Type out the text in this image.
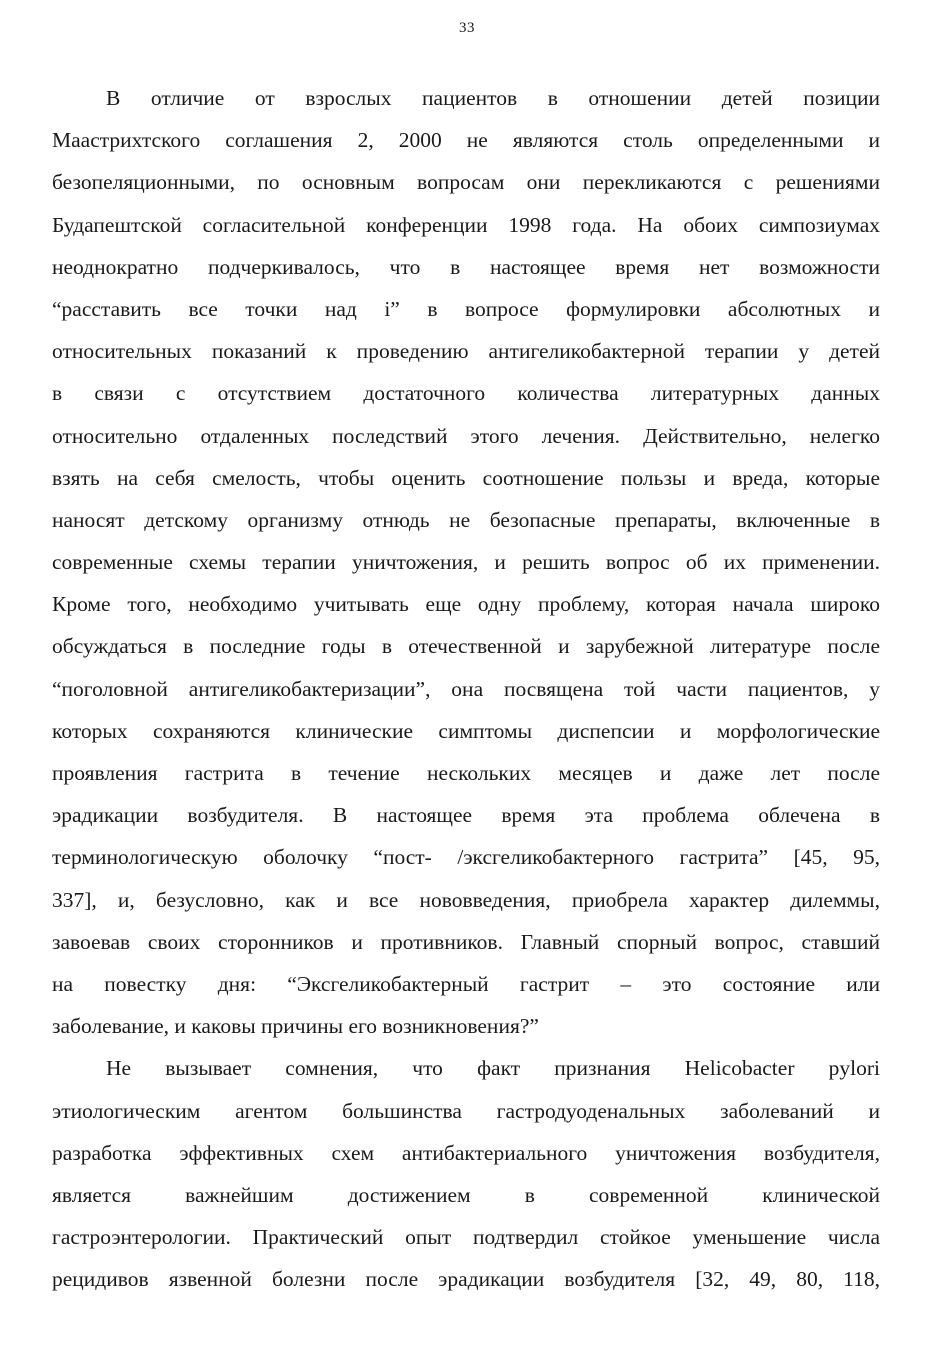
33
В отличие от взрослых пациентов в отношении детей позиции
Маастрихтского соглашения 2, 2000 не являются столь определенными и
безопеляционными, по основным вопросам они перекликаются с решениями
Будапештской согласительной конференции 1998 года. На обоих симпозиумах
неоднократно подчеркивалось, что в настоящее время нет возможности
“расставить все точки над i” в вопросе формулировки абсолютных и
относительных показаний к проведению антигеликобактерной терапии у детей
в связи с отсутствием достаточного количества литературных данных
относительно отдаленных последствий этого лечения. Действительно, нелегко
взять на себя смелость, чтобы оценить соотношение пользы и вреда, которые
наносят детскому организму отнюдь не безопасные препараты, включенные в
современные схемы терапии уничтожения, и решить вопрос об их применении.
Кроме того, необходимо учитывать еще одну проблему, которая начала широко
обсуждаться в последние годы в отечественной и зарубежной литературе после
“поголовной антигеликобактеризации”, она посвящена той части пациентов, у
которых сохраняются клинические симптомы диспепсии и морфологические
проявления гастрита в течение нескольких месяцев и даже лет после
эрадикации возбудителя. В настоящее время эта проблема облечена в
терминологическую оболочку “пост- /эксгеликобактерного гастрита” [45, 95,
337], и, безусловно, как и все нововведения, приобрела характер дилеммы,
завоевав своих сторонников и противников. Главный спорный вопрос, ставший
на повестку дня: “Эксгеликобактерный гастрит – это состояние или
заболевание, и каковы причины его возникновения?”
Не вызывает сомнения, что факт признания Helicobacter pylori
этиологическим агентом большинства гастродуоденальных заболеваний и
разработка эффективных схем антибактериального уничтожения возбудителя,
является важнейшим достижением в современной клинической
гастроэнтерологии. Практический опыт подтвердил стойкое уменьшение числа
рецидивов язвенной болезни после эрадикации возбудителя [32, 49, 80, 118,
